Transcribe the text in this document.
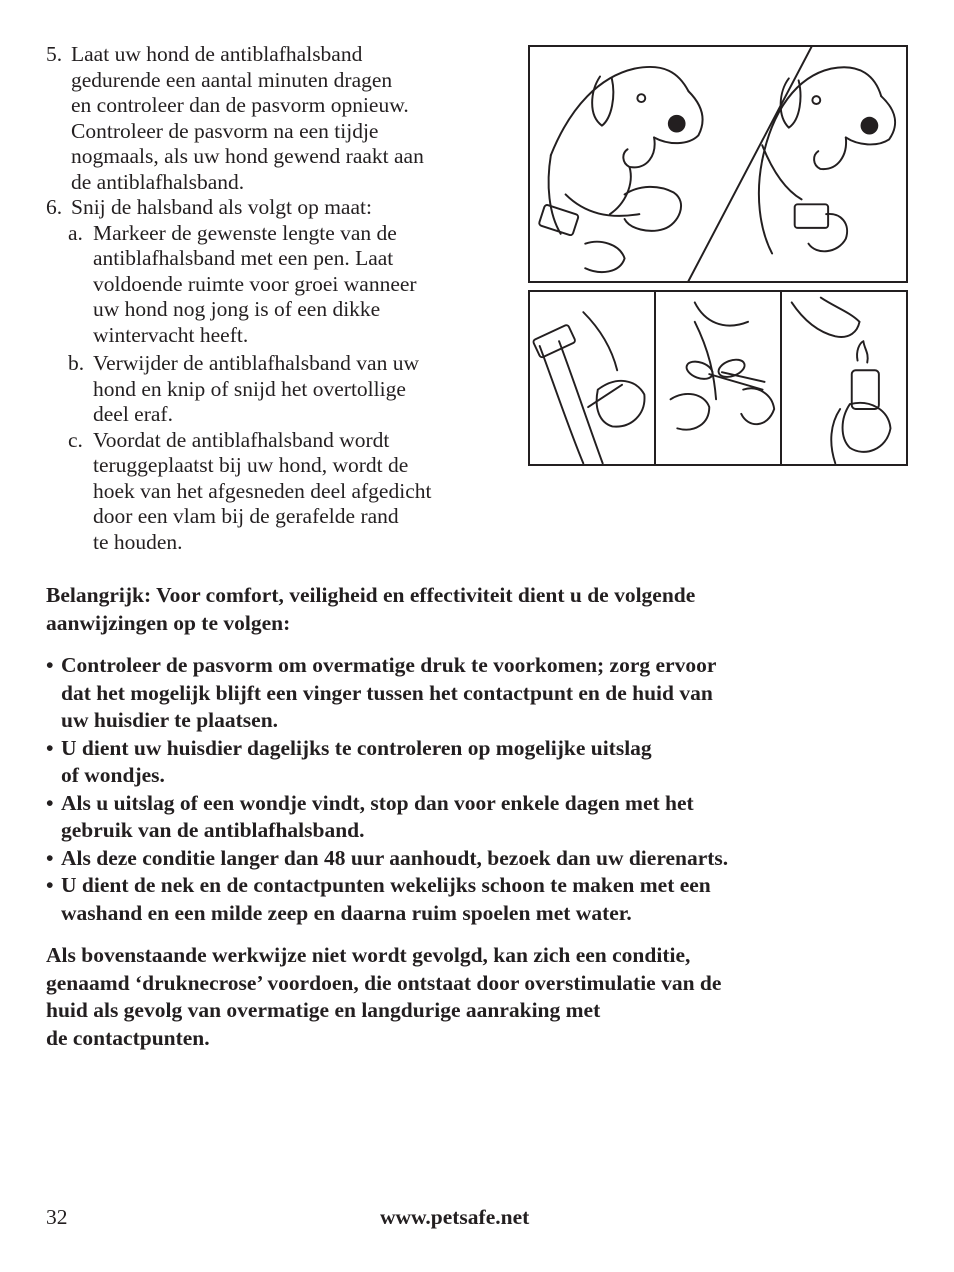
5. Laat uw hond de antiblafhalsband
gedurende een aantal minuten dragen
en controleer dan de pasvorm opnieuw.
Controleer de pasvorm na een tijdje
nogmaals, als uw hond gewend raakt aan
de antiblafhalsband.
6. Snij de halsband als volgt op maat:
a. Markeer de gewenste lengte van de
antiblafhalsband met een pen. Laat
voldoende ruimte voor groei wanneer
uw hond nog jong is of een dikke
wintervacht heeft.
b. Verwijder de antiblafhalsband van uw
hond en knip of snijd het overtollige
deel eraf.
c. Voordat de antiblafhalsband wordt
teruggeplaatst bij uw hond, wordt de
hoek van het afgesneden deel afgedicht
door een vlam bij de gerafelde rand
te houden.

Belangrijk: Voor comfort, veiligheid en effectiviteit dient u de volgende
aanwijzingen op te volgen:

• Controleer de pasvorm om overmatige druk te voorkomen; zorg ervoor
dat het mogelijk blijft een vinger tussen het contactpunt en de huid van
uw huisdier te plaatsen.
• U dient uw huisdier dagelijks te controleren op mogelijke uitslag
of wondjes.
• Als u uitslag of een wondje vindt, stop dan voor enkele dagen met het
gebruik van de antiblafhalsband.
• Als deze conditie langer dan 48 uur aanhoudt, bezoek dan uw dierenarts.
• U dient de nek en de contactpunten wekelijks schoon te maken met een
washand en een milde zeep en daarna ruim spoelen met water.

Als bovenstaande werkwijze niet wordt gevolgd, kan zich een conditie,
genaamd ‘druknecrose’ voordoen, die ontstaat door overstimulatie van de
huid als gevolg van overmatige en langdurige aanraking met
de contactpunten.

32	www.petsafe.net
